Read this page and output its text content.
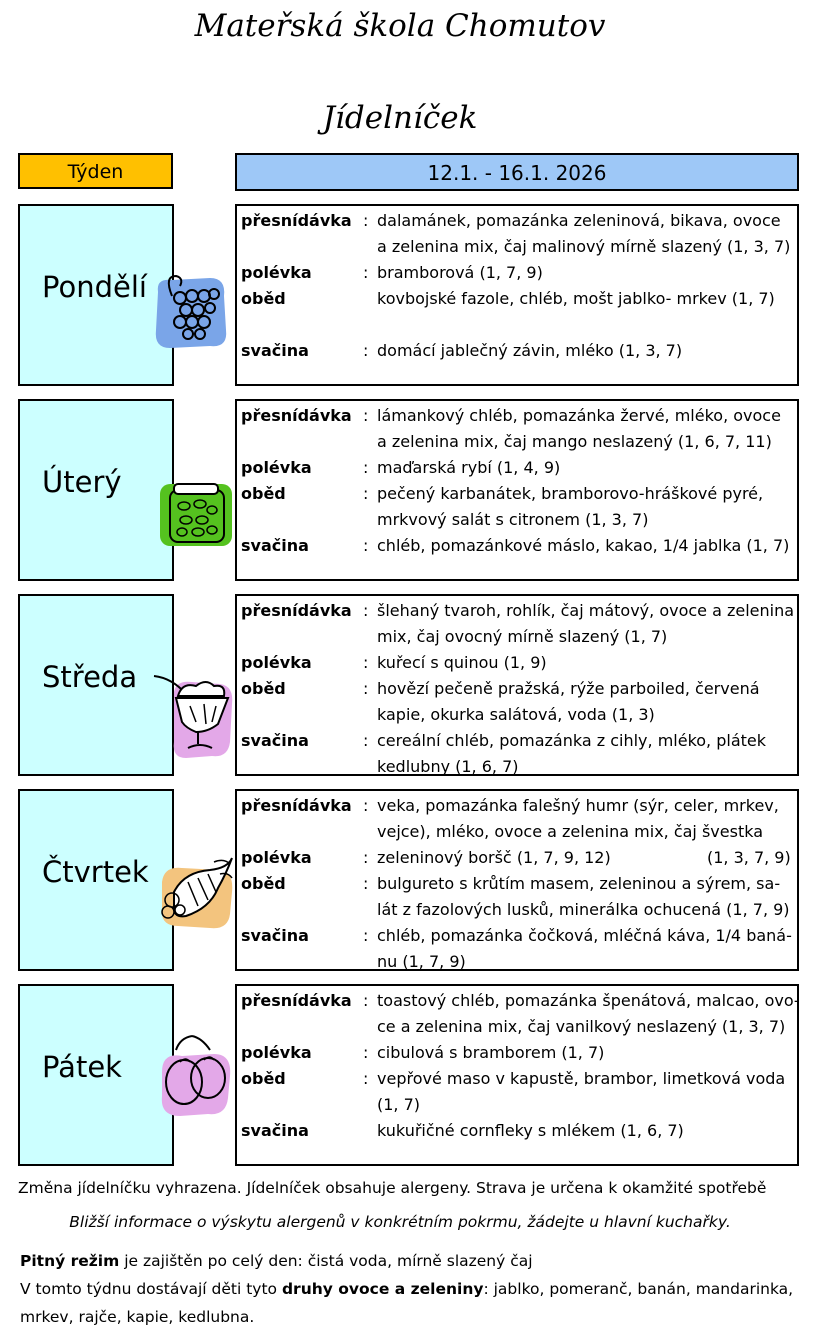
Mateřská škola Chomutov
Jídelníček
Týden	12.1. - 16.1. 2026
Pondělí
přesnídávka : dalamánek, pomazánka zeleninová, bikava, ovoce
a zelenina mix, čaj malinový mírně slazený (1, 3, 7)
polévka	: bramborová (1, 7, 9)
oběd	kovbojské fazole, chléb, mošt jablko- mrkev (1, 7)
svačina	: domácí jablečný závin, mléko (1, 3, 7)
Úterý
přesnídávka : lámankový chléb, pomazánka žervé, mléko, ovoce
a zelenina mix, čaj mango neslazený (1, 6, 7, 11)
polévka	: maďarská rybí (1, 4, 9)
oběd	: pečený karbanátek, bramborovo-hráškové pyré,
mrkvový salát s citronem (1, 3, 7)
svačina	: chléb, pomazánkové máslo, kakao, 1/4 jablka (1, 7)
Středa
přesnídávka : šlehaný tvaroh, rohlík, čaj mátový, ovoce a zelenina
mix, čaj ovocný mírně slazený (1, 7)
polévka	: kuřecí s quinou (1, 9)
oběd	: hovězí pečeně pražská, rýže parboiled, červená
kapie, okurka salátová, voda (1, 3)
svačina	: cereální chléb, pomazánka z cihly, mléko, plátek
kedlubny (1, 6, 7)
Čtvrtek
přesnídávka : veka, pomazánka falešný humr (sýr, celer, mrkev,
vejce), mléko, ovoce a zelenina mix, čaj švestka
polévka	: zeleninový boršč (1, 7, 9, 12)	(1, 3, 7, 9)
oběd	: bulgureto s krůtím masem, zeleninou a sýrem, sa-
lát z fazolových lusků, minerálka ochucená (1, 7, 9)
svačina	: chléb, pomazánka čočková, mléčná káva, 1/4 baná-
nu (1, 7, 9)
Pátek
přesnídávka : toastový chléb, pomazánka špenátová, malcao, ovo-
ce a zelenina mix, čaj vanilkový neslazený (1, 3, 7)
polévka	: cibulová s bramborem (1, 7)
oběd	: vepřové maso v kapustě, brambor, limetková voda
(1, 7)
svačina	kukuřičné cornfleky s mlékem (1, 6, 7)
Změna jídelníčku vyhrazena. Jídelníček obsahuje alergeny. Strava je určena k okamžité spotřebě
Bližší informace o výskytu alergenů v konkrétním pokrmu, žádejte u hlavní kuchařky.
Pitný režim je zajištěn po celý den: čistá voda, mírně slazený čaj
V tomto týdnu dostávají děti tyto druhy ovoce a zeleniny: jablko, pomeranč, banán, mandarinka,
mrkev, rajče, kapie, kedlubna.
